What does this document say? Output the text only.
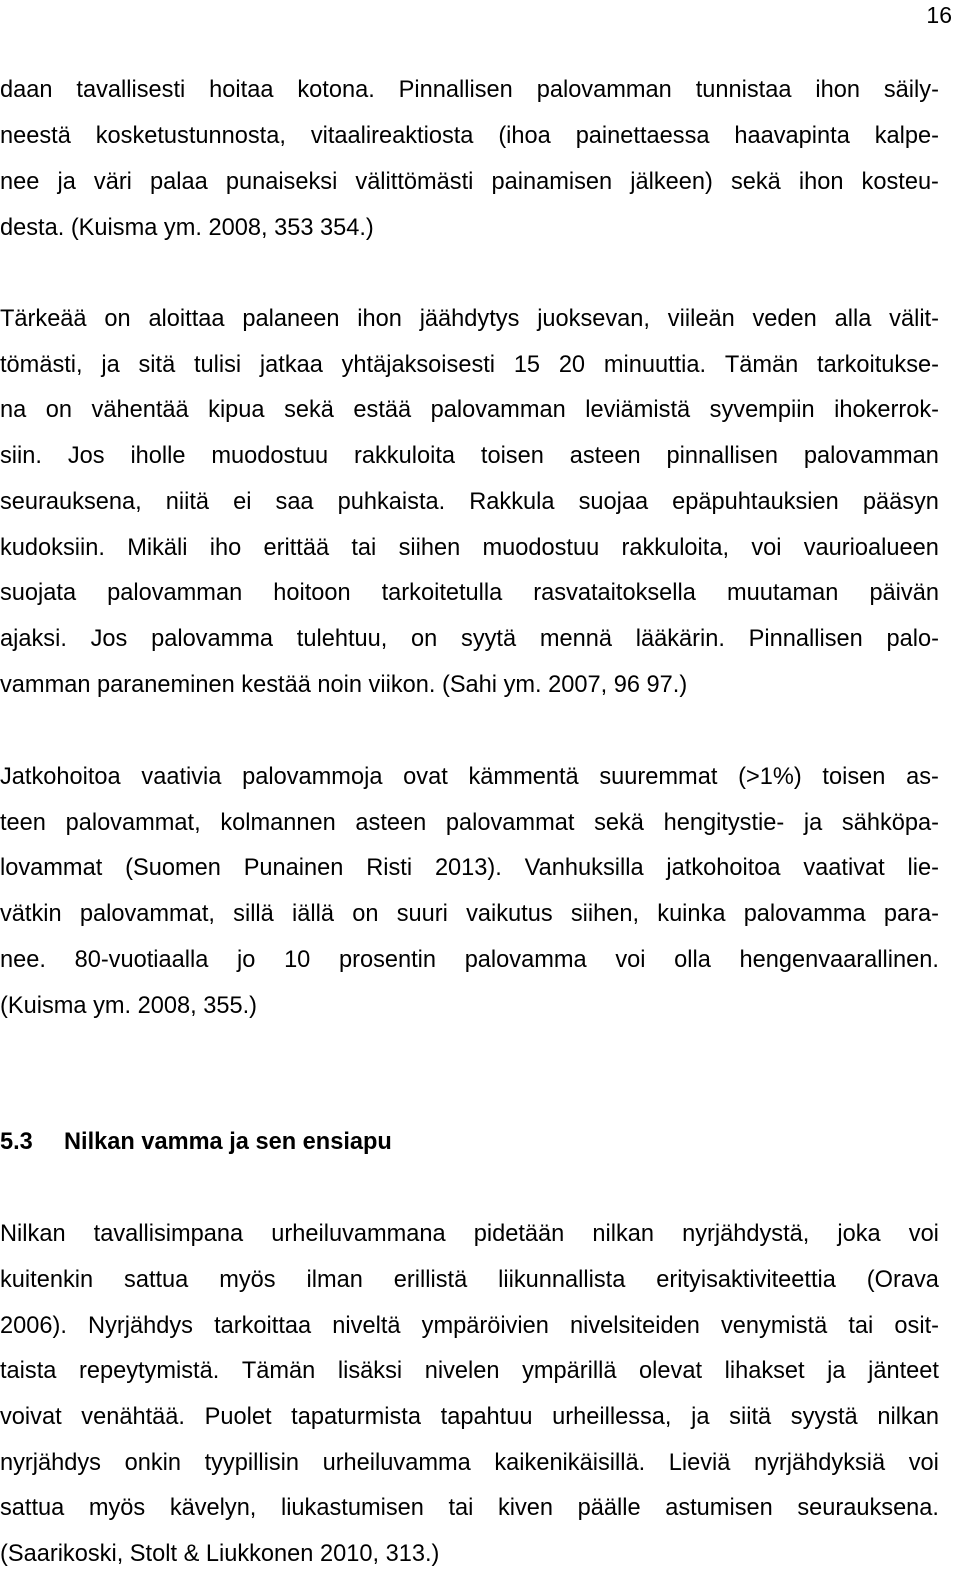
16
daan tavallisesti hoitaa kotona. Pinnallisen palovamman tunnistaa ihon säily-
neestä kosketustunnosta, vitaalireaktiosta (ihoa painettaessa haavapinta kalpe-
nee ja väri palaa punaiseksi välittömästi painamisen jälkeen) sekä ihon kosteu-
desta. (Kuisma ym. 2008, 353 354.)
Tärkeää on aloittaa palaneen ihon jäähdytys juoksevan, viileän veden alla välit-
tömästi, ja sitä tulisi jatkaa yhtäjaksoisesti 15 20 minuuttia. Tämän tarkoitukse-
na on vähentää kipua sekä estää palovamman leviämistä syvempiin ihokerrok-
siin. Jos iholle muodostuu rakkuloita toisen asteen pinnallisen palovamman
seurauksena, niitä ei saa puhkaista. Rakkula suojaa epäpuhtauksien pääsyn
kudoksiin. Mikäli iho erittää tai siihen muodostuu rakkuloita, voi vaurioalueen
suojata palovamman hoitoon tarkoitetulla rasvataitoksella muutaman päivän
ajaksi. Jos palovamma tulehtuu, on syytä mennä lääkärin. Pinnallisen palo-
vamman paraneminen kestää noin viikon. (Sahi ym. 2007, 96 97.)
Jatkohoitoa vaativia palovammoja ovat kämmentä suuremmat (>1%) toisen as-
teen palovammat, kolmannen asteen palovammat sekä hengitystie- ja sähköpa-
lovammat (Suomen Punainen Risti 2013). Vanhuksilla jatkohoitoa vaativat lie-
vätkin palovammat, sillä iällä on suuri vaikutus siihen, kuinka palovamma para-
nee. 80-vuotiaalla jo 10 prosentin palovamma voi olla hengenvaarallinen.
(Kuisma ym. 2008, 355.)
Nilkan tavallisimpana urheiluvammana pidetään nilkan nyrjähdystä, joka voi
kuitenkin sattua myös ilman erillistä liikunnallista erityisaktiviteettia (Orava
2006). Nyrjähdys tarkoittaa niveltä ympäröivien nivelsiteiden venymistä tai osit-
taista repeytymistä. Tämän lisäksi nivelen ympärillä olevat lihakset ja jänteet
voivat venähtää. Puolet tapaturmista tapahtuu urheillessa, ja siitä syystä nilkan
nyrjähdys onkin tyypillisin urheiluvamma kaikenikäisillä. Lieviä nyrjähdyksiä voi
sattua myös kävelyn, liukastumisen tai kiven päälle astumisen seurauksena.
(Saarikoski, Stolt & Liukkonen 2010, 313.)
5.3 Nilkan vamma ja sen ensiapu
